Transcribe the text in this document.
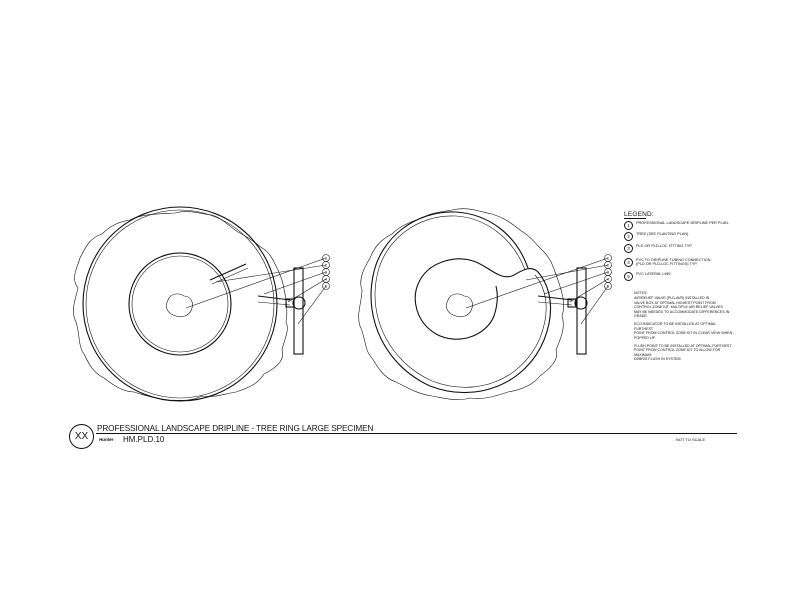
1
2
3
4
5
1
2
3
4
5
LEGEND:
1	PROFESSIONAL LANDSCAPE DRIPLINE PER PLAN.
2	TREE (SEE PLANTING PLAN).
3	PLD OR PLD-LOC FITTING TYP.
4	PVC TO DRIPLINE TUBING CONNECTION
(PLD OR PLD-LOC FITTINGS) TYP.
5	PVC LATERAL LINE.
NOTES:
AIR/RELIEF VALVE (PLD-AVR) INSTALLED IN
VALVE BOX AT OPTIMAL HIGHEST POINT FROM
CONTROL ZONE KIT. MULTIPLE AIR RELIEF VALVES
MAY BE NEEDED TO ACCOMMODATE DIFFERENCES IN
GRADE.
ECO-INDICATOR TO BE INSTALLED AT OPTIMAL FURTHEST
POINT FROM CONTROL ZONE KIT IN CLEAR VIEW WHEN
POPPED UP.
FLUSH POINT TO BE INSTALLED AT OPTIMAL FURTHEST
POINT FROM CONTROL ZONE KIT TO ALLOW FOR MAXIMUM
DEBRIS FLUSH IN SYSTEM.
XX
PROFESSIONAL LANDSCAPE DRIPLINE - TREE RING LARGE SPECIMEN
Hunter HM.PLD.10	NOT TO SCALE
